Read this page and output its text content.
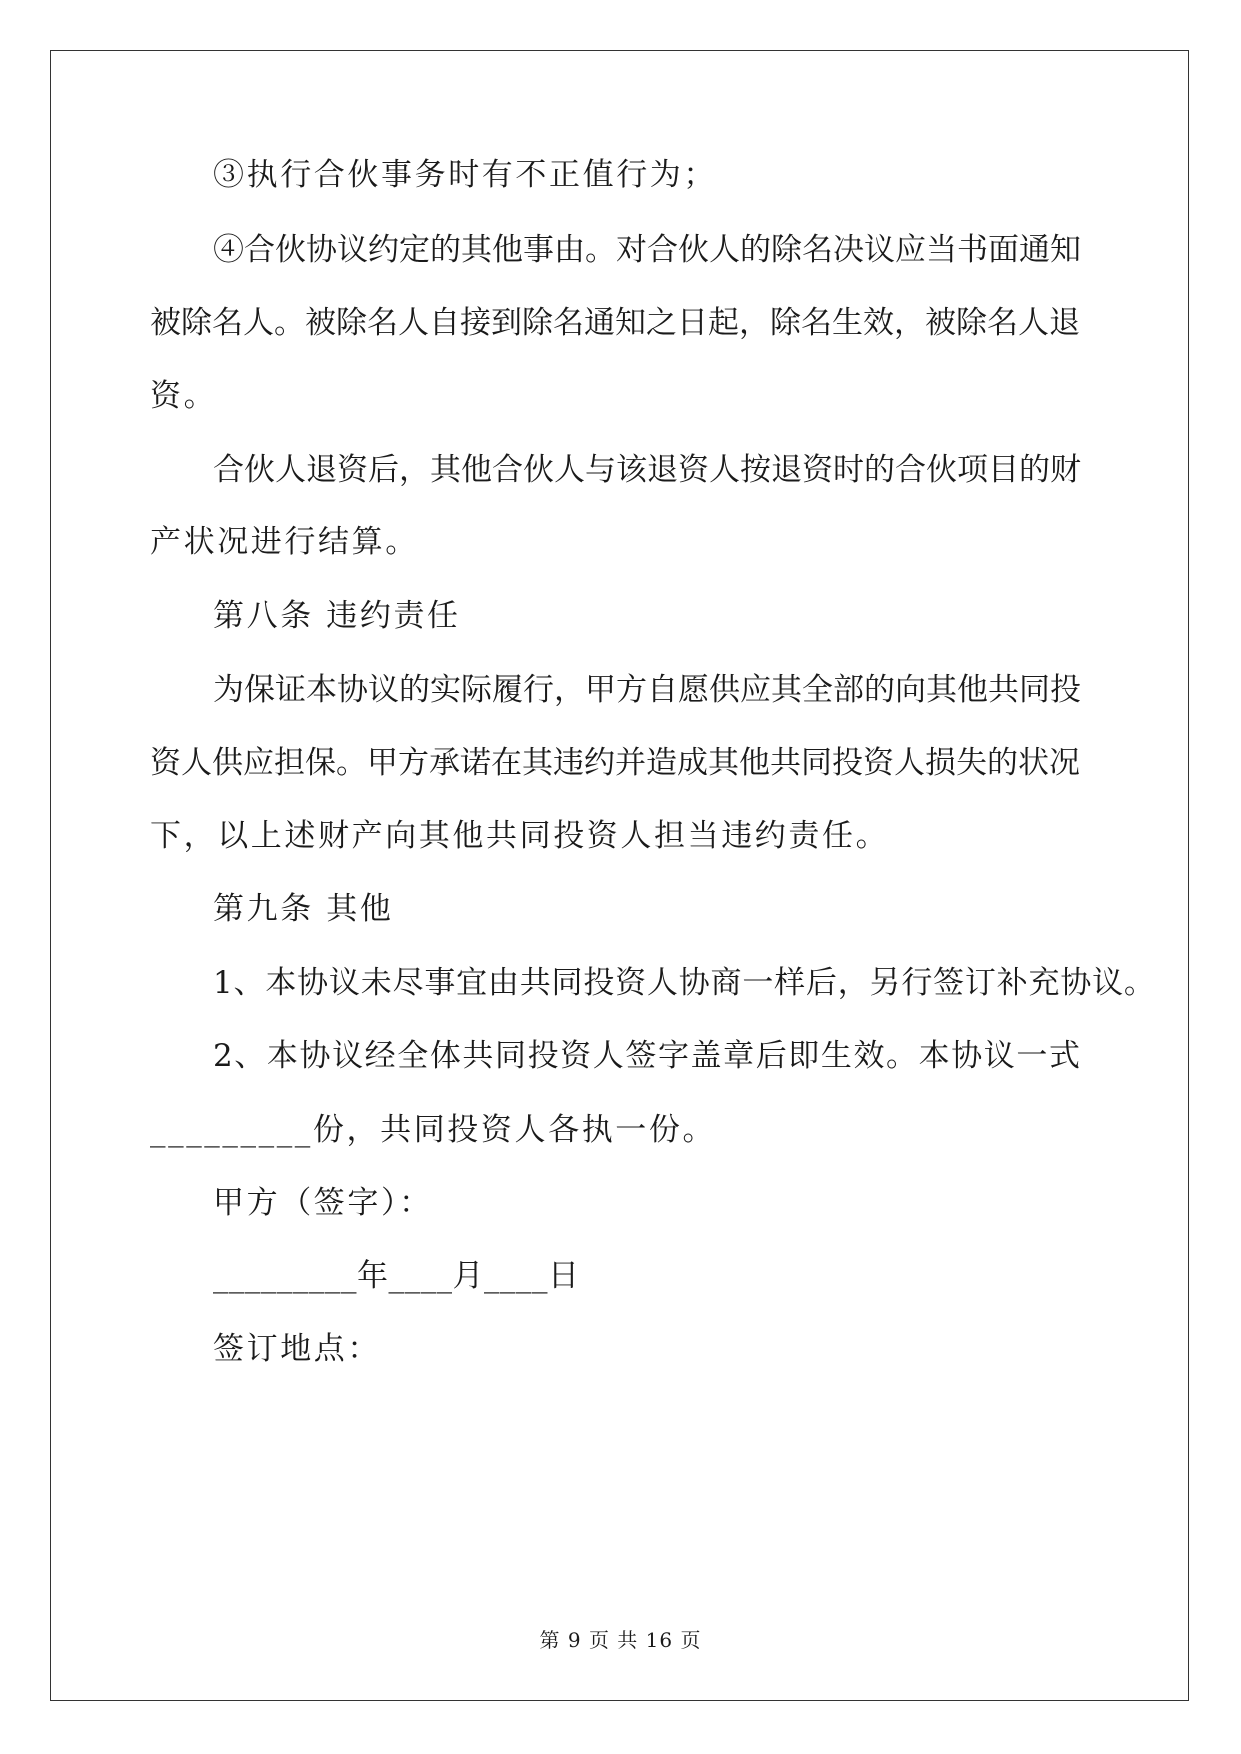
③执行合伙事务时有不正值行为；
④合伙协议约定的其他事由。对合伙人的除名决议应当书面通知
被除名人。被除名人自接到除名通知之日起，除名生效，被除名人退
资。
合伙人退资后，其他合伙人与该退资人按退资时的合伙项目的财
产状况进行结算。
第八条 违约责任
为保证本协议的实际履行，甲方自愿供应其全部的向其他共同投
资人供应担保。甲方承诺在其违约并造成其他共同投资人损失的状况
下，以上述财产向其他共同投资人担当违约责任。
第九条 其他
1、本协议未尽事宜由共同投资人协商一样后，另行签订补充协议。
2、本协议经全体共同投资人签字盖章后即生效。本协议一式
_________份，共同投资人各执一份。
甲方（签字）：
_________年____月____日
签订地点：
第 9 页 共 16 页
